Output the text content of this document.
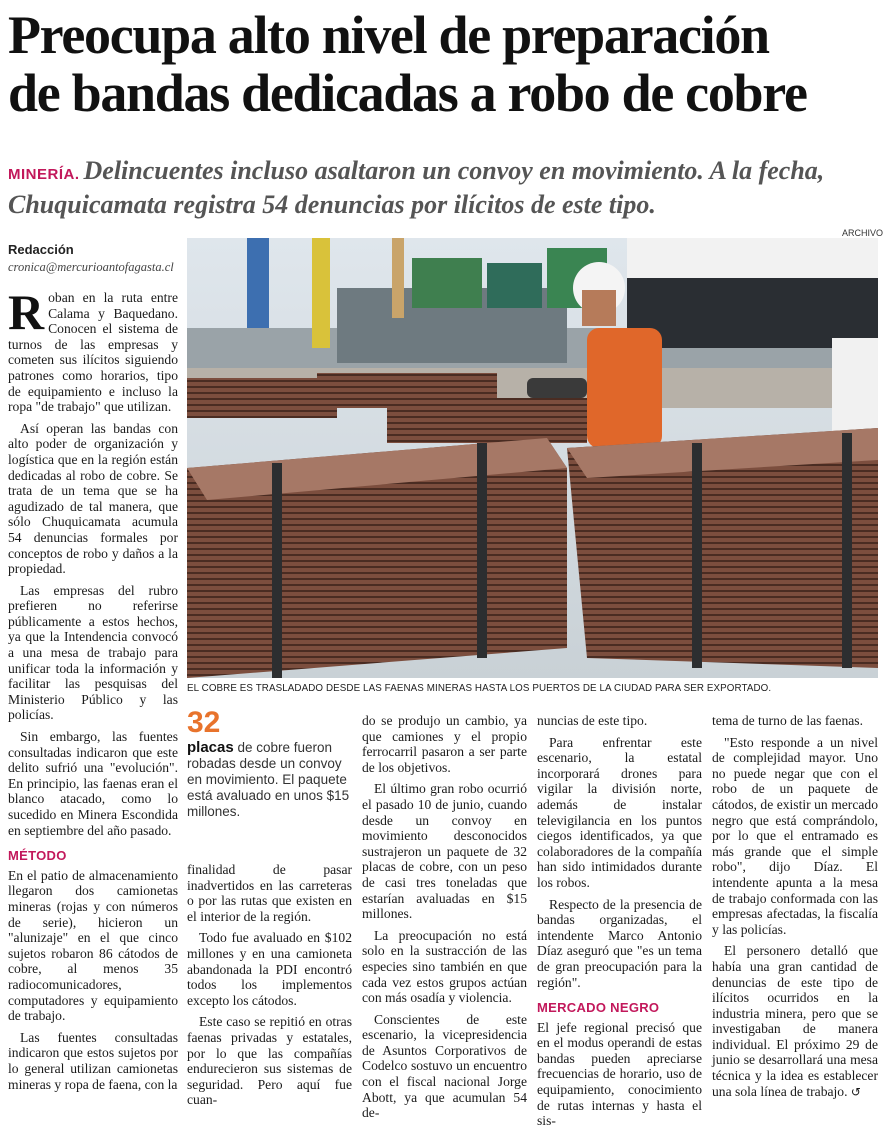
Preocupa alto nivel de preparación
de bandas dedicadas a robo de cobre
MINERÍA. Delincuentes incluso asaltaron un convoy en movimiento. A la fecha, Chuquicamata registra 54 denuncias por ilícitos de este tipo.
Redacción
cronica@mercurioantofagasta.cl
ARCHIVO
EL COBRE ES TRASLADADO DESDE LAS FAENAS MINERAS HASTA LOS PUERTOS DE LA CIUDAD PARA SER EXPORTADO.

Roban en la ruta entre Calama y Baquedano. Conocen el sistema de turnos de las empresas y cometen sus ilícitos siguiendo patrones como horarios, tipo de equipamiento e incluso la ropa "de trabajo" que utilizan.

Así operan las bandas con alto poder de organización y logística que en la región están dedicadas al robo de cobre. Se trata de un tema que se ha agudizado de tal manera, que sólo Chuquicamata acumula 54 denuncias formales por conceptos de robo y daños a la propiedad.

Las empresas del rubro prefieren no referirse públicamente a estos hechos, ya que la Intendencia convocó a una mesa de trabajo para unificar toda la información y facilitar las pesquisas del Ministerio Público y las policías.

Sin embargo, las fuentes consultadas indicaron que este delito sufrió una "evolución". En principio, las faenas eran el blanco atacado, como lo sucedido en Minera Escondida en septiembre del año pasado.

MÉTODO

En el patio de almacenamiento llegaron dos camionetas mineras (rojas y con números de serie), hicieron un "alunizaje" en el que cinco sujetos robaron 86 cátodos de cobre, al menos 35 radiocomunicadores, computadores y equipamiento de trabajo.

Las fuentes consultadas indicaron que estos sujetos por lo general utilizan camionetas mineras y ropa de faena, con la

32
placas de cobre fueron robadas desde un convoy en movimiento. El paquete está avaluado en unos $15 millones.

finalidad de pasar inadvertidos en las carreteras o por las rutas que existen en el interior de la región.

Todo fue avaluado en $102 millones y en una camioneta abandonada la PDI encontró todos los implementos excepto los cátodos.

Este caso se repitió en otras faenas privadas y estatales, por lo que las compañías endurecieron sus sistemas de seguridad. Pero aquí fue cuan-

do se produjo un cambio, ya que camiones y el propio ferrocarril pasaron a ser parte de los objetivos.

El último gran robo ocurrió el pasado 10 de junio, cuando desde un convoy en movimiento desconocidos sustrajeron un paquete de 32 placas de cobre, con un peso de casi tres toneladas que estarían avaluadas en $15 millones.

La preocupación no está solo en la sustracción de las especies sino también en que cada vez estos grupos actúan con más osadía y violencia.

Conscientes de este escenario, la vicepresidencia de Asuntos Corporativos de Codelco sostuvo un encuentro con el fiscal nacional Jorge Abott, ya que acumulan 54 de-

nuncias de este tipo.

Para enfrentar este escenario, la estatal incorporará drones para vigilar la división norte, además de instalar televigilancia en los puntos ciegos identificados, ya que colaboradores de la compañía han sido intimidados durante los robos.

Respecto de la presencia de bandas organizadas, el intendente Marco Antonio Díaz aseguró que "es un tema de gran preocupación para la región".

MERCADO NEGRO

El jefe regional precisó que en el modus operandi de estas bandas pueden apreciarse frecuencias de horario, uso de equipamiento, conocimiento de rutas internas y hasta el sis-

tema de turno de las faenas.

"Esto responde a un nivel de complejidad mayor. Uno no puede negar que con el robo de un paquete de cátodos, de existir un mercado negro que está comprándolo, por lo que el entramado es más grande que el simple robo", dijo Díaz. El intendente apunta a la mesa de trabajo conformada con las empresas afectadas, la fiscalía y las policías.

El personero detalló que había una gran cantidad de denuncias de este tipo de ilícitos ocurridos en la industria minera, pero que se investigaban de manera individual. El próximo 29 de junio se desarrollará una mesa técnica y la idea es establecer una sola línea de trabajo. ↺
